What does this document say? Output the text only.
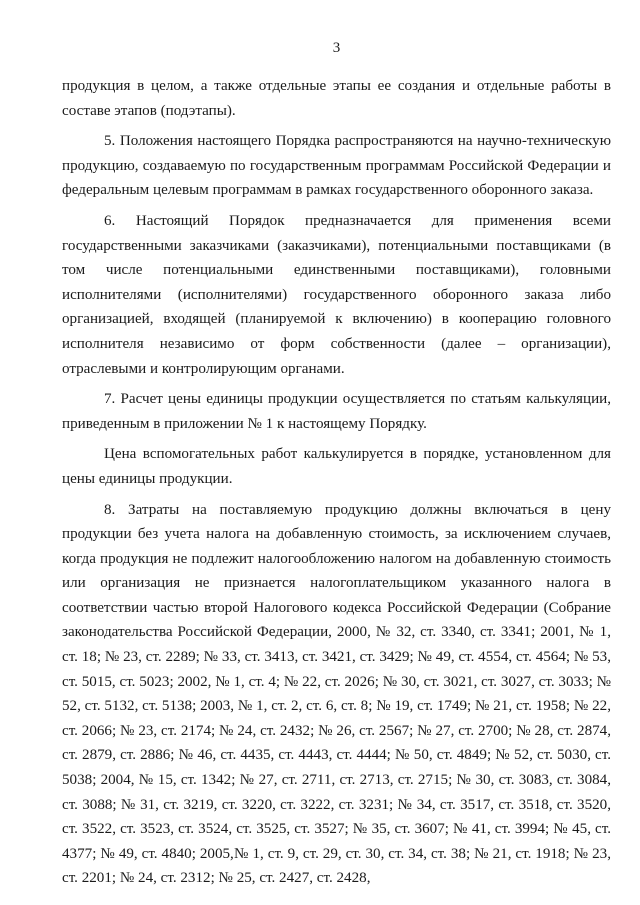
3

продукция в целом, а также отдельные этапы ее создания и отдельные работы в составе этапов (подэтапы).

5. Положения настоящего Порядка распространяются на научно-техническую продукцию, создаваемую по государственным программам Российской Федерации и федеральным целевым программам в рамках государственного оборонного заказа.

6. Настоящий Порядок предназначается для применения всеми государственными заказчиками (заказчиками), потенциальными поставщиками (в том числе потенциальными единственными поставщиками), головными исполнителями (исполнителями) государственного оборонного заказа либо организацией, входящей (планируемой к включению) в кооперацию головного исполнителя независимо от форм собственности (далее – организации), отраслевыми и контролирующим органами.

7. Расчет цены единицы продукции осуществляется по статьям калькуляции, приведенным в приложении № 1 к настоящему Порядку.

Цена вспомогательных работ калькулируется в порядке, установленном для цены единицы продукции.

8. Затраты на поставляемую продукцию должны включаться в цену продукции без учета налога на добавленную стоимость, за исключением случаев, когда продукция не подлежит налогообложению налогом на добавленную стоимость или организация не признается налогоплательщиком указанного налога в соответствии частью второй Налогового кодекса Российской Федерации (Собрание законодательства Российской Федерации, 2000, № 32, ст. 3340, ст. 3341; 2001, № 1, ст. 18; № 23, ст. 2289; № 33, ст. 3413, ст. 3421, ст. 3429; № 49, ст. 4554, ст. 4564; № 53, ст. 5015, ст. 5023; 2002, № 1, ст. 4; № 22, ст. 2026; № 30, ст. 3021, ст. 3027, ст. 3033; № 52, ст. 5132, ст. 5138; 2003, № 1, ст. 2, ст. 6, ст. 8; № 19, ст. 1749; № 21, ст. 1958; № 22, ст. 2066; № 23, ст. 2174; № 24, ст. 2432; № 26, ст. 2567; № 27, ст. 2700; № 28, ст. 2874, ст. 2879, ст. 2886; № 46, ст. 4435, ст. 4443, ст. 4444; № 50, ст. 4849; № 52, ст. 5030, ст. 5038; 2004, № 15, ст. 1342; № 27, ст. 2711, ст. 2713, ст. 2715; № 30, ст. 3083, ст. 3084, ст. 3088; № 31, ст. 3219, ст. 3220, ст. 3222, ст. 3231; № 34, ст. 3517, ст. 3518, ст. 3520, ст. 3522, ст. 3523, ст. 3524, ст. 3525, ст. 3527; № 35, ст. 3607; № 41, ст. 3994; № 45, ст. 4377; № 49, ст. 4840; 2005,№ 1, ст. 9, ст. 29, ст. 30, ст. 34, ст. 38; № 21, ст. 1918; № 23, ст. 2201; № 24, ст. 2312; № 25, ст. 2427, ст. 2428,
